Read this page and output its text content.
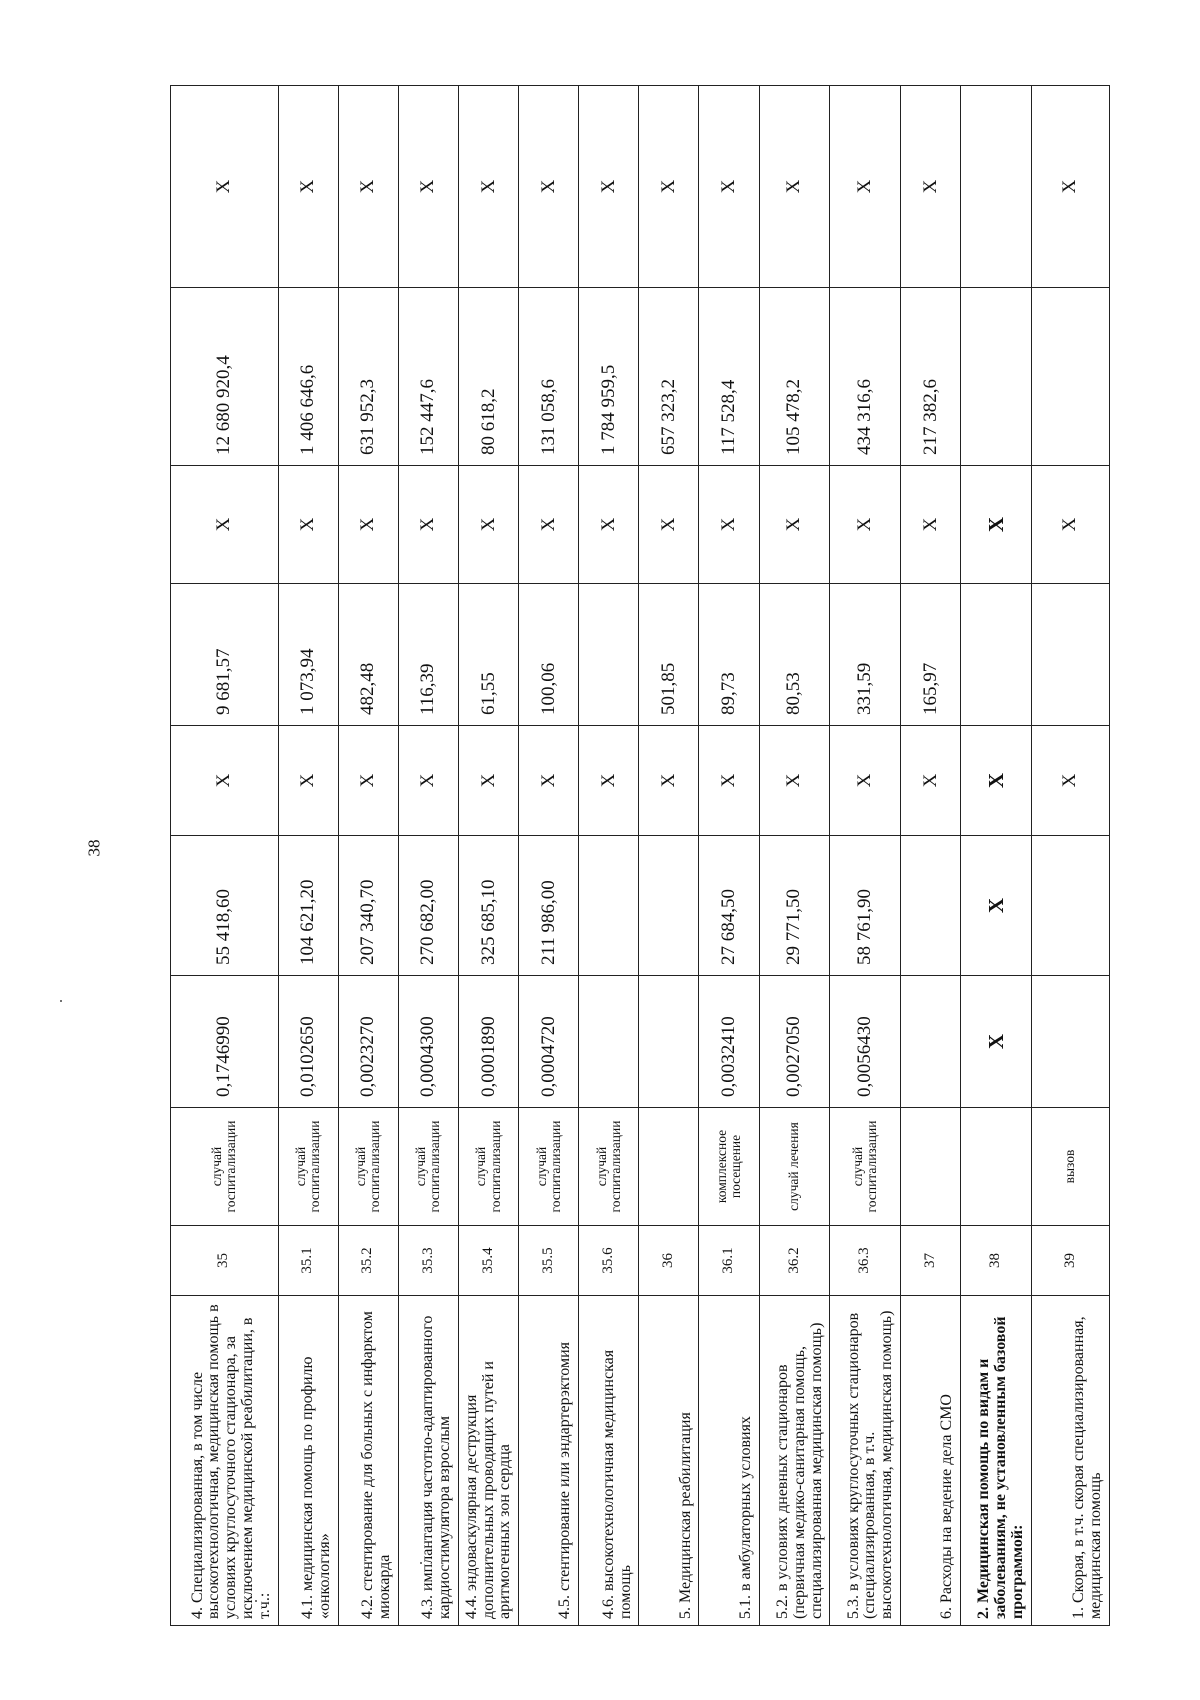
38
4. Специализированная, в том числе высокотехнологичная, медицинская помощь в условиях круглосуточного стационара, за исключением медицинской реабилитации, в т.ч.:	35	случай госпитализации	0,1746990	55 418,60	X	9 681,57	X	12 680 920,4	X
4.1. медицинская помощь по профилю «онкология»	35.1	случай госпитализации	0,0102650	104 621,20	X	1 073,94	X	1 406 646,6	X
4.2. стентирование для больных с инфарктом миокарда	35.2	случай госпитализации	0,0023270	207 340,70	X	482,48	X	631 952,3	X
4.3. имплантация частотно-адаптированного кардиостимулятора взрослым	35.3	случай госпитализации	0,0004300	270 682,00	X	116,39	X	152 447,6	X
4.4. эндоваскулярная деструкция дополнительных проводящих путей и аритмогенных зон сердца	35.4	случай госпитализации	0,0001890	325 685,10	X	61,55	X	80 618,2	X
4.5. стентирование или эндартерэктомия	35.5	случай госпитализации	0,0004720	211 986,00	X	100,06	X	131 058,6	X
4.6. высокотехнологичная медицинская помощь	35.6	случай госпитализации			X		X	1 784 959,5	X
5. Медицинская реабилитация	36				X	501,85	X	657 323,2	X
5.1. в амбулаторных условиях	36.1	комплексное посещение	0,0032410	27 684,50	X	89,73	X	117 528,4	X
5.2. в условиях дневных стационаров (первичная медико-санитарная помощь, специализированная медицинская помощь)	36.2	случай лечения	0,0027050	29 771,50	X	80,53	X	105 478,2	X
5.3. в условиях круглосуточных стационаров (специализированная, в т.ч. высокотехнологичная, медицинская помощь)	36.3	случай госпитализации	0,0056430	58 761,90	X	331,59	X	434 316,6	X
6. Расходы на ведение дела СМО	37				X	165,97	X	217 382,6	X
2. Медицинская помощь по видам и заболеваниям, не установленным базовой программой:	38		X	X	X		X		
1. Скорая, в т.ч. скорая специализированная, медицинская помощь	39	вызов			X		X		X
